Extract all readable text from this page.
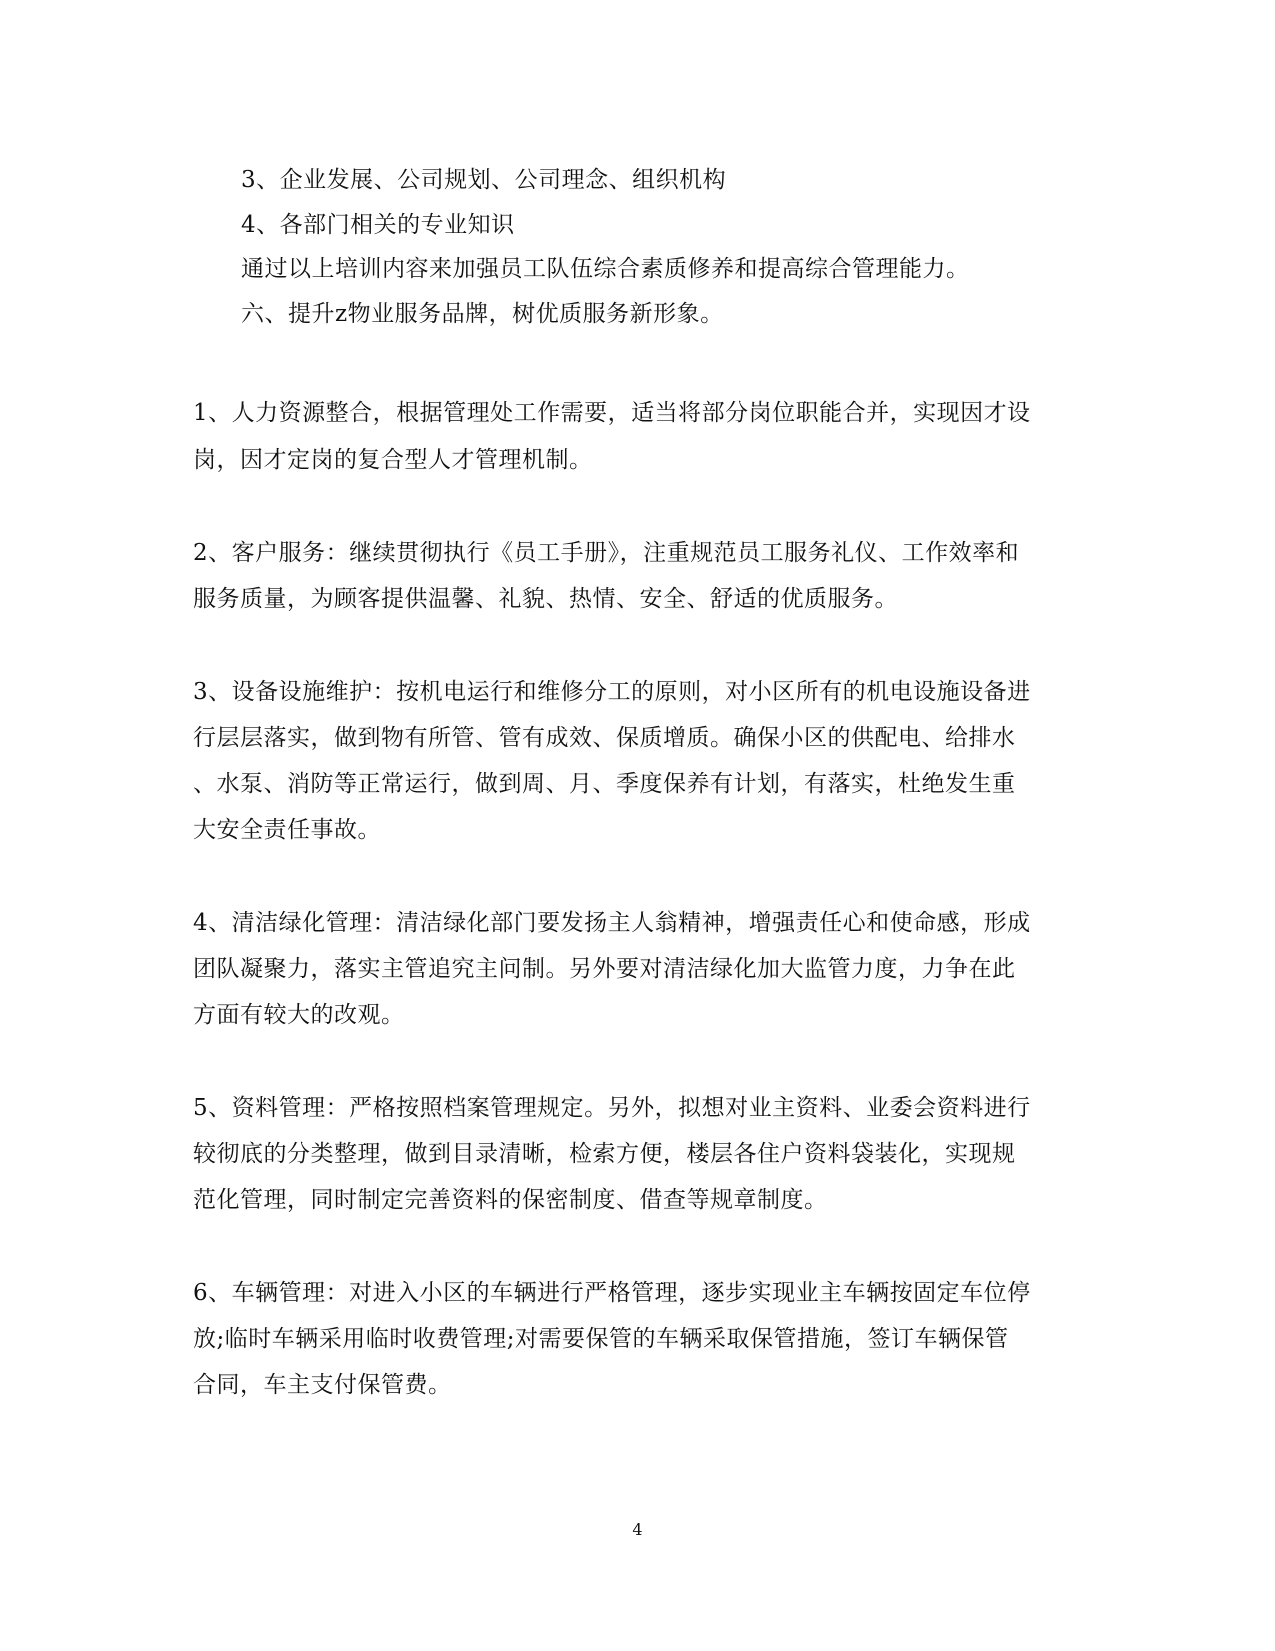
3、企业发展、公司规划、公司理念、组织机构
4、各部门相关的专业知识
通过以上培训内容来加强员工队伍综合素质修养和提高综合管理能力。
六、提升z物业服务品牌，树优质服务新形象。
1、人力资源整合，根据管理处工作需要，适当将部分岗位职能合并，实现因才设
岗，因才定岗的复合型人才管理机制。
2、客户服务：继续贯彻执行《员工手册》，注重规范员工服务礼仪、工作效率和
服务质量，为顾客提供温馨、礼貌、热情、安全、舒适的优质服务。
3、设备设施维护：按机电运行和维修分工的原则，对小区所有的机电设施设备进
行层层落实，做到物有所管、管有成效、保质增质。确保小区的供配电、给排水
、水泵、消防等正常运行，做到周、月、季度保养有计划，有落实，杜绝发生重
大安全责任事故。
4、清洁绿化管理：清洁绿化部门要发扬主人翁精神，增强责任心和使命感，形成
团队凝聚力，落实主管追究主问制。另外要对清洁绿化加大监管力度，力争在此
方面有较大的改观。
5、资料管理：严格按照档案管理规定。另外，拟想对业主资料、业委会资料进行
较彻底的分类整理，做到目录清晰，检索方便，楼层各住户资料袋装化，实现规
范化管理，同时制定完善资料的保密制度、借查等规章制度。
6、车辆管理：对进入小区的车辆进行严格管理，逐步实现业主车辆按固定车位停
放;临时车辆采用临时收费管理;对需要保管的车辆采取保管措施，签订车辆保管
合同，车主支付保管费。
4
